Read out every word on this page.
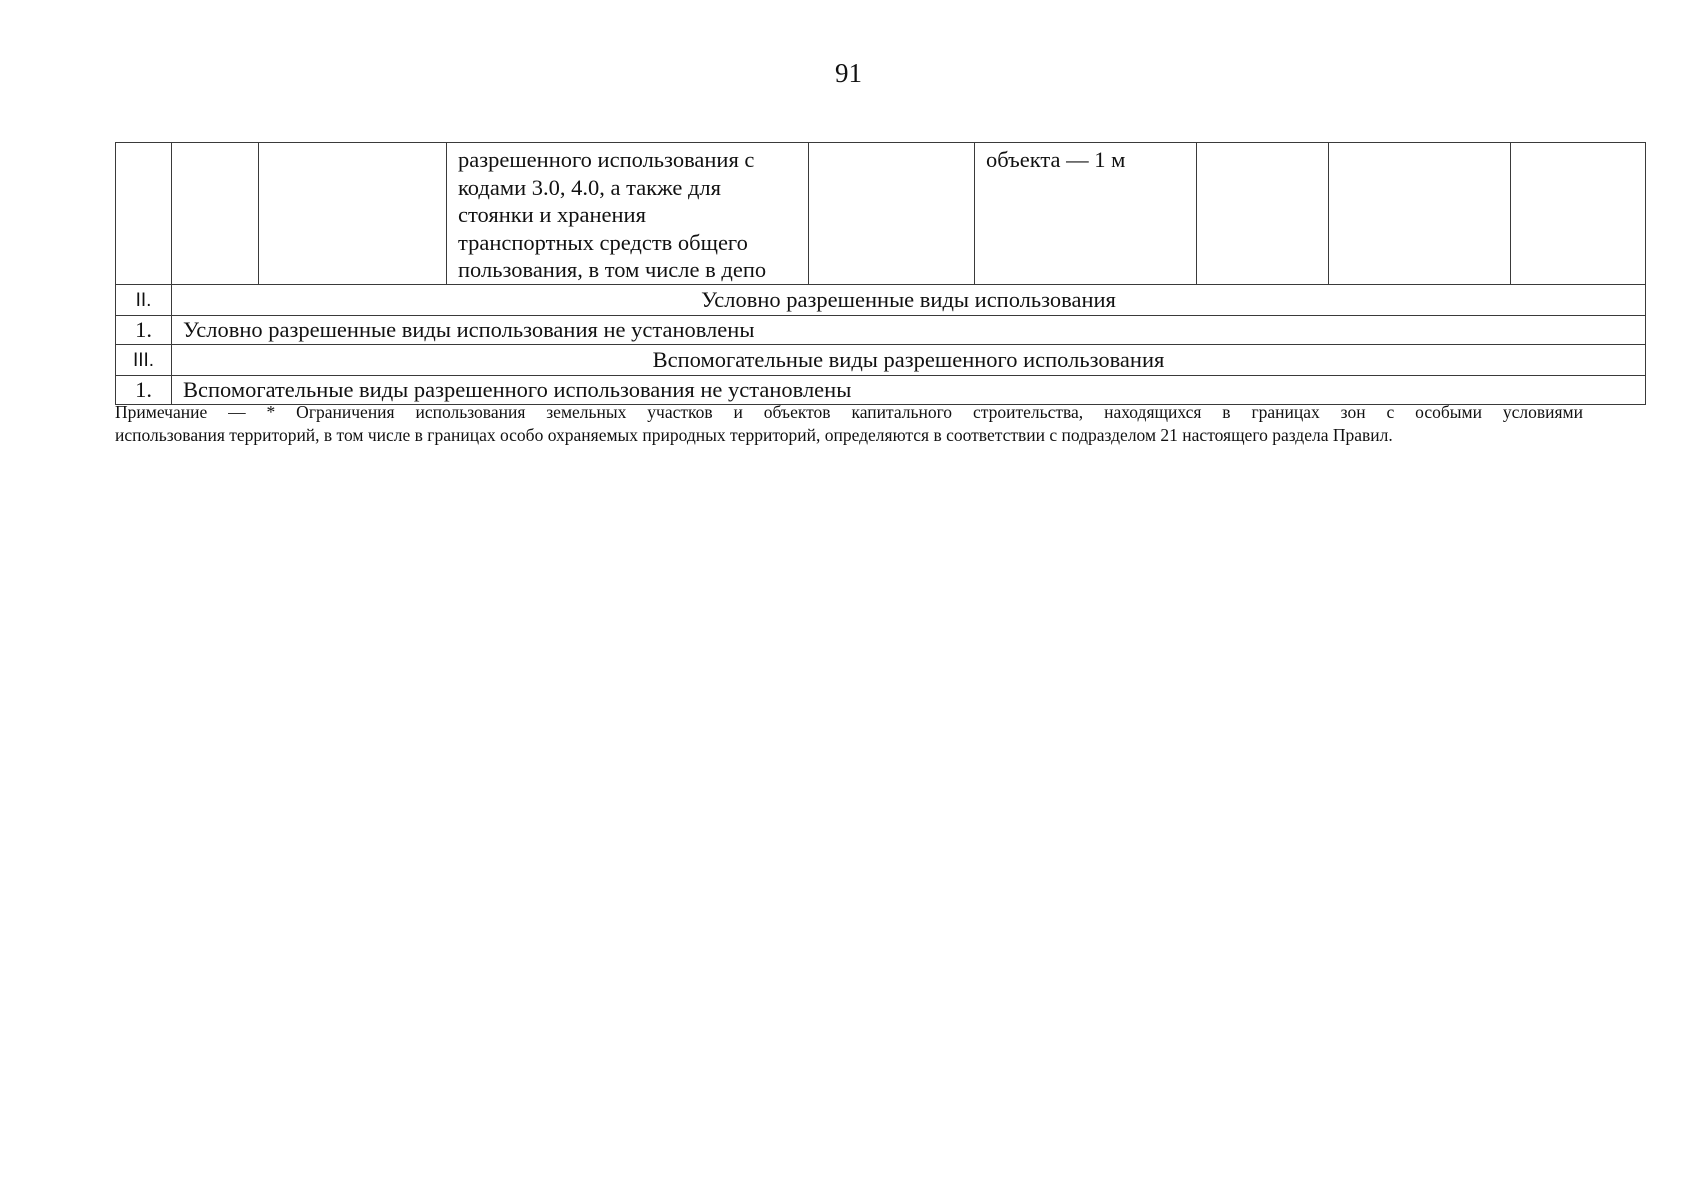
91

			разрешенного использования с
кодами 3.0, 4.0, а также для
стоянки и хранения
транспортных средств общего
пользования, в том числе в депо		объекта — 1 м			

II.	Условно разрешенные виды использования							
1.	Условно разрешенные виды использования не установлены							
III.	Вспомогательные виды разрешенного использования							
1.	Вспомогательные виды разрешенного использования не установлены							
Примечание — * Ограничения использования земельных участков и объектов капитального строительства, находящихся в границах зон с особыми условиями
использования территорий, в том числе в границах особо охраняемых природных территорий, определяются в соответствии с подразделом 21 настоящего раздела Правил.
